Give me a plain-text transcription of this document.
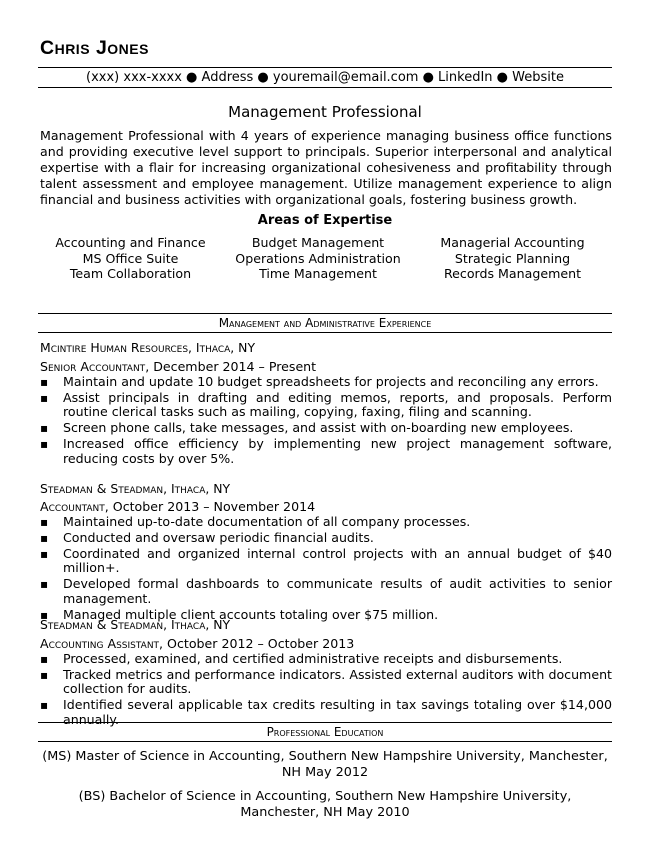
Chris Jones
(xxx) xxx-xxxx ● Address ● youremail@email.com ● LinkedIn ● Website
Management Professional
Management Professional with 4 years of experience managing business office functions and providing executive level support to principals. Superior interpersonal and analytical expertise with a flair for increasing organizational cohesiveness and profitability through talent assessment and employee management. Utilize management experience to align financial and business activities with organizational goals, fostering business growth.
Areas of Expertise
Accounting and Finance	Budget Management	Managerial Accounting
MS Office Suite	Operations Administration	Strategic Planning
Team Collaboration	Time Management	Records Management
Management and Administrative Experience
Mcintire Human Resources, Ithaca, NY
Senior Accountant, December 2014 – Present
▪ Maintain and update 10 budget spreadsheets for projects and reconciling any errors.
▪ Assist principals in drafting and editing memos, reports, and proposals. Perform routine clerical tasks such as mailing, copying, faxing, filing and scanning.
▪ Screen phone calls, take messages, and assist with on-boarding new employees.
▪ Increased office efficiency by implementing new project management software, reducing costs by over 5%.
Steadman & Steadman, Ithaca, NY
Accountant, October 2013 – November 2014
▪ Maintained up-to-date documentation of all company processes.
▪ Conducted and oversaw periodic financial audits.
▪ Coordinated and organized internal control projects with an annual budget of $40 million+.
▪ Developed formal dashboards to communicate results of audit activities to senior management.
▪ Managed multiple client accounts totaling over $75 million.
Steadman & Steadman, Ithaca, NY
Accounting Assistant, October 2012 – October 2013
▪ Processed, examined, and certified administrative receipts and disbursements.
▪ Tracked metrics and performance indicators. Assisted external auditors with document collection for audits.
▪ Identified several applicable tax credits resulting in tax savings totaling over $14,000 annually.
Professional Education
(MS) Master of Science in Accounting, Southern New Hampshire University, Manchester, NH May 2012
(BS) Bachelor of Science in Accounting, Southern New Hampshire University, Manchester, NH May 2010
